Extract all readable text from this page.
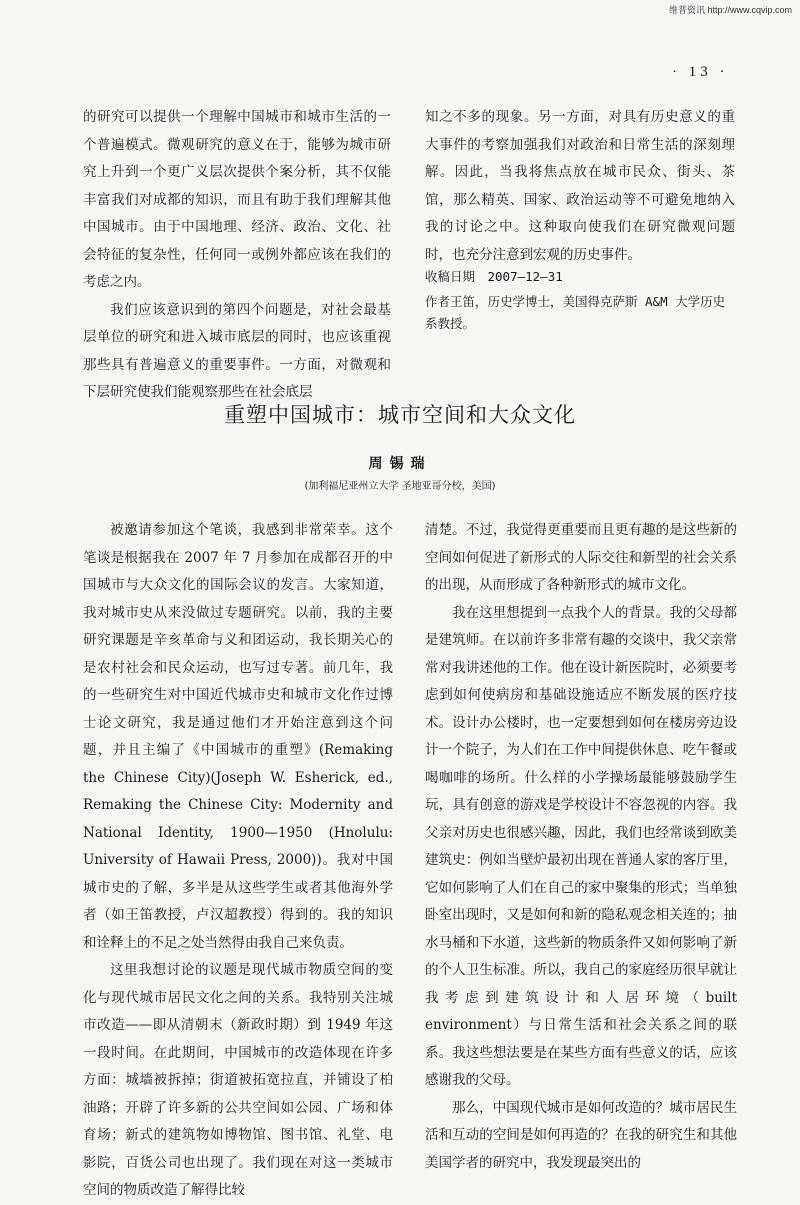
维普资讯 http://www.cqvip.com
· 13 ·

的研究可以提供一个理解中国城市和城市生活的一个普遍模式。微观研究的意义在于，能够为城市研究上升到一个更广义层次提供个案分析，其不仅能丰富我们对成都的知识，而且有助于我们理解其他中国城市。由于中国地理、经济、政治、文化、社会特征的复杂性，任何同一或例外都应该在我们的考虑之内。

我们应该意识到的第四个问题是，对社会最基层单位的研究和进入城市底层的同时，也应该重视那些具有普遍意义的重要事件。一方面，对微观和下层研究使我们能观察那些在社会底层

知之不多的现象。另一方面，对具有历史意义的重大事件的考察加强我们对政治和日常生活的深刻理解。因此，当我将焦点放在城市民众、街头、茶馆，那么精英、国家、政治运动等不可避免地纳入我的讨论之中。这种取向使我们在研究微观问题时，也充分注意到宏观的历史事件。

收稿日期　2007—12—31

作者王笛，历史学博士，美国得克萨斯 A&M 大学历史系教授。

重塑中国城市：城市空间和大众文化
周锡瑞
(加利福尼亚州立大学 圣地亚哥分校，美国)

被邀请参加这个笔谈，我感到非常荣幸。这个笔谈是根据我在 2007 年 7 月参加在成都召开的中国城市与大众文化的国际会议的发言。大家知道，我对城市史从来没做过专题研究。以前，我的主要研究课题是辛亥革命与义和团运动，我长期关心的是农村社会和民众运动，也写过专著。前几年，我的一些研究生对中国近代城市史和城市文化作过博士论文研究，我是通过他们才开始注意到这个问题，并且主编了《中国城市的重塑》(Remaking the Chinese City)(Joseph W. Esherick, ed., Remaking the Chinese City: Modernity and National Identity, 1900—1950 (Hnolulu: University of Hawaii Press, 2000))。我对中国城市史的了解，多半是从这些学生或者其他海外学者（如王笛教授，卢汉超教授）得到的。我的知识和诠释上的不足之处当然得由我自己来负责。

这里我想讨论的议题是现代城市物质空间的变化与现代城市居民文化之间的关系。我特别关注城市改造——即从清朝末（新政时期）到 1949 年这一段时间。在此期间，中国城市的改造体现在许多方面：城墙被拆掉；街道被拓宽拉直，并铺设了柏油路；开辟了许多新的公共空间如公园、广场和体育场；新式的建筑物如博物馆、图书馆、礼堂、电影院，百货公司也出现了。我们现在对这一类城市空间的物质改造了解得比较

清楚。不过，我觉得更重要而且更有趣的是这些新的空间如何促进了新形式的人际交往和新型的社会关系的出现，从而形成了各种新形式的城市文化。

我在这里想提到一点我个人的背景。我的父母都是建筑师。在以前许多非常有趣的交谈中，我父亲常常对我讲述他的工作。他在设计新医院时，必须要考虑到如何使病房和基础设施适应不断发展的医疗技术。设计办公楼时，也一定要想到如何在楼房旁边设计一个院子，为人们在工作中间提供休息、吃午餐或喝咖啡的场所。什么样的小学操场最能够鼓励学生玩，具有创意的游戏是学校设计不容忽视的内容。我父亲对历史也很感兴趣，因此，我们也经常谈到欧美建筑史：例如当壁炉最初出现在普通人家的客厅里，它如何影响了人们在自己的家中聚集的形式；当单独卧室出现时，又是如何和新的隐私观念相关连的；抽水马桶和下水道，这些新的物质条件又如何影响了新的个人卫生标准。所以，我自己的家庭经历很早就让我考虑到建筑设计和人居环境（built environment）与日常生活和社会关系之间的联系。我这些想法要是在某些方面有些意义的话，应该感谢我的父母。

那么，中国现代城市是如何改造的？城市居民生活和互动的空间是如何再造的？在我的研究生和其他美国学者的研究中，我发现最突出的
